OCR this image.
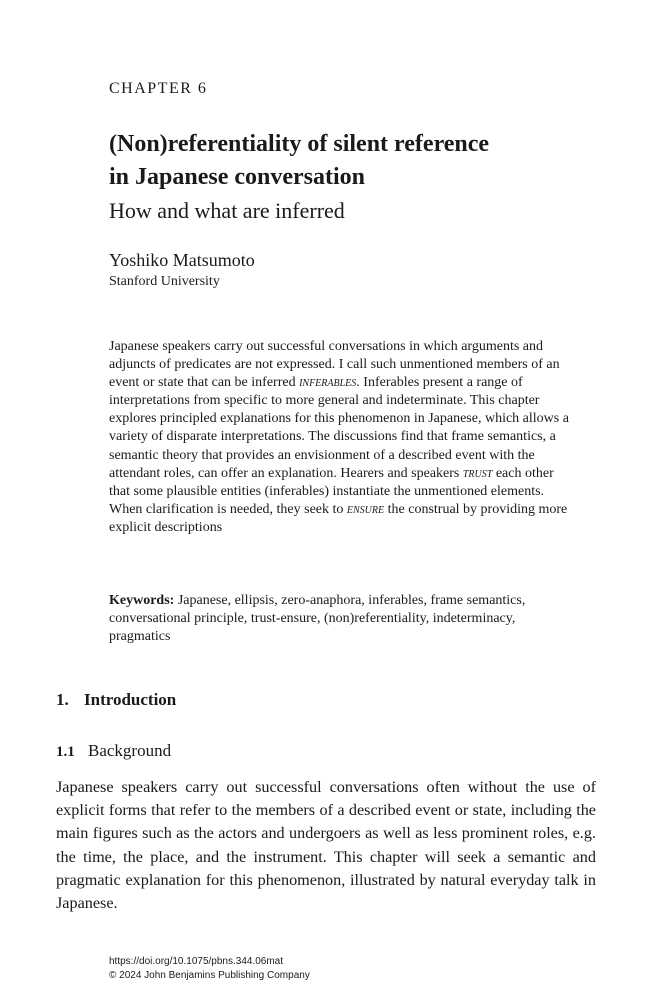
CHAPTER 6
(Non)referentiality of silent reference
in Japanese conversation
How and what are inferred
Yoshiko Matsumoto
Stanford University
Japanese speakers carry out successful conversations in which arguments and adjuncts of predicates are not expressed. I call such unmentioned members of an event or state that can be inferred inferables. Inferables present a range of interpretations from specific to more general and indeterminate. This chapter explores principled explanations for this phenomenon in Japanese, which allows a variety of disparate interpretations. The discussions find that frame semantics, a semantic theory that provides an envisionment of a described event with the attendant roles, can offer an explanation. Hearers and speakers trust each other that some plausible entities (inferables) instantiate the unmentioned elements. When clarification is needed, they seek to ensure the construal by providing more explicit descriptions
Keywords: Japanese, ellipsis, zero-anaphora, inferables, frame semantics, conversational principle, trust-ensure, (non)referentiality, indeterminacy, pragmatics
1. Introduction
1.1 Background
Japanese speakers carry out successful conversations often without the use of explicit forms that refer to the members of a described event or state, including the main figures such as the actors and undergoers as well as less prominent roles, e.g. the time, the place, and the instrument. This chapter will seek a semantic and pragmatic explanation for this phenomenon, illustrated by natural everyday talk in Japanese.
https://doi.org/10.1075/pbns.344.06mat
© 2024 John Benjamins Publishing Company
